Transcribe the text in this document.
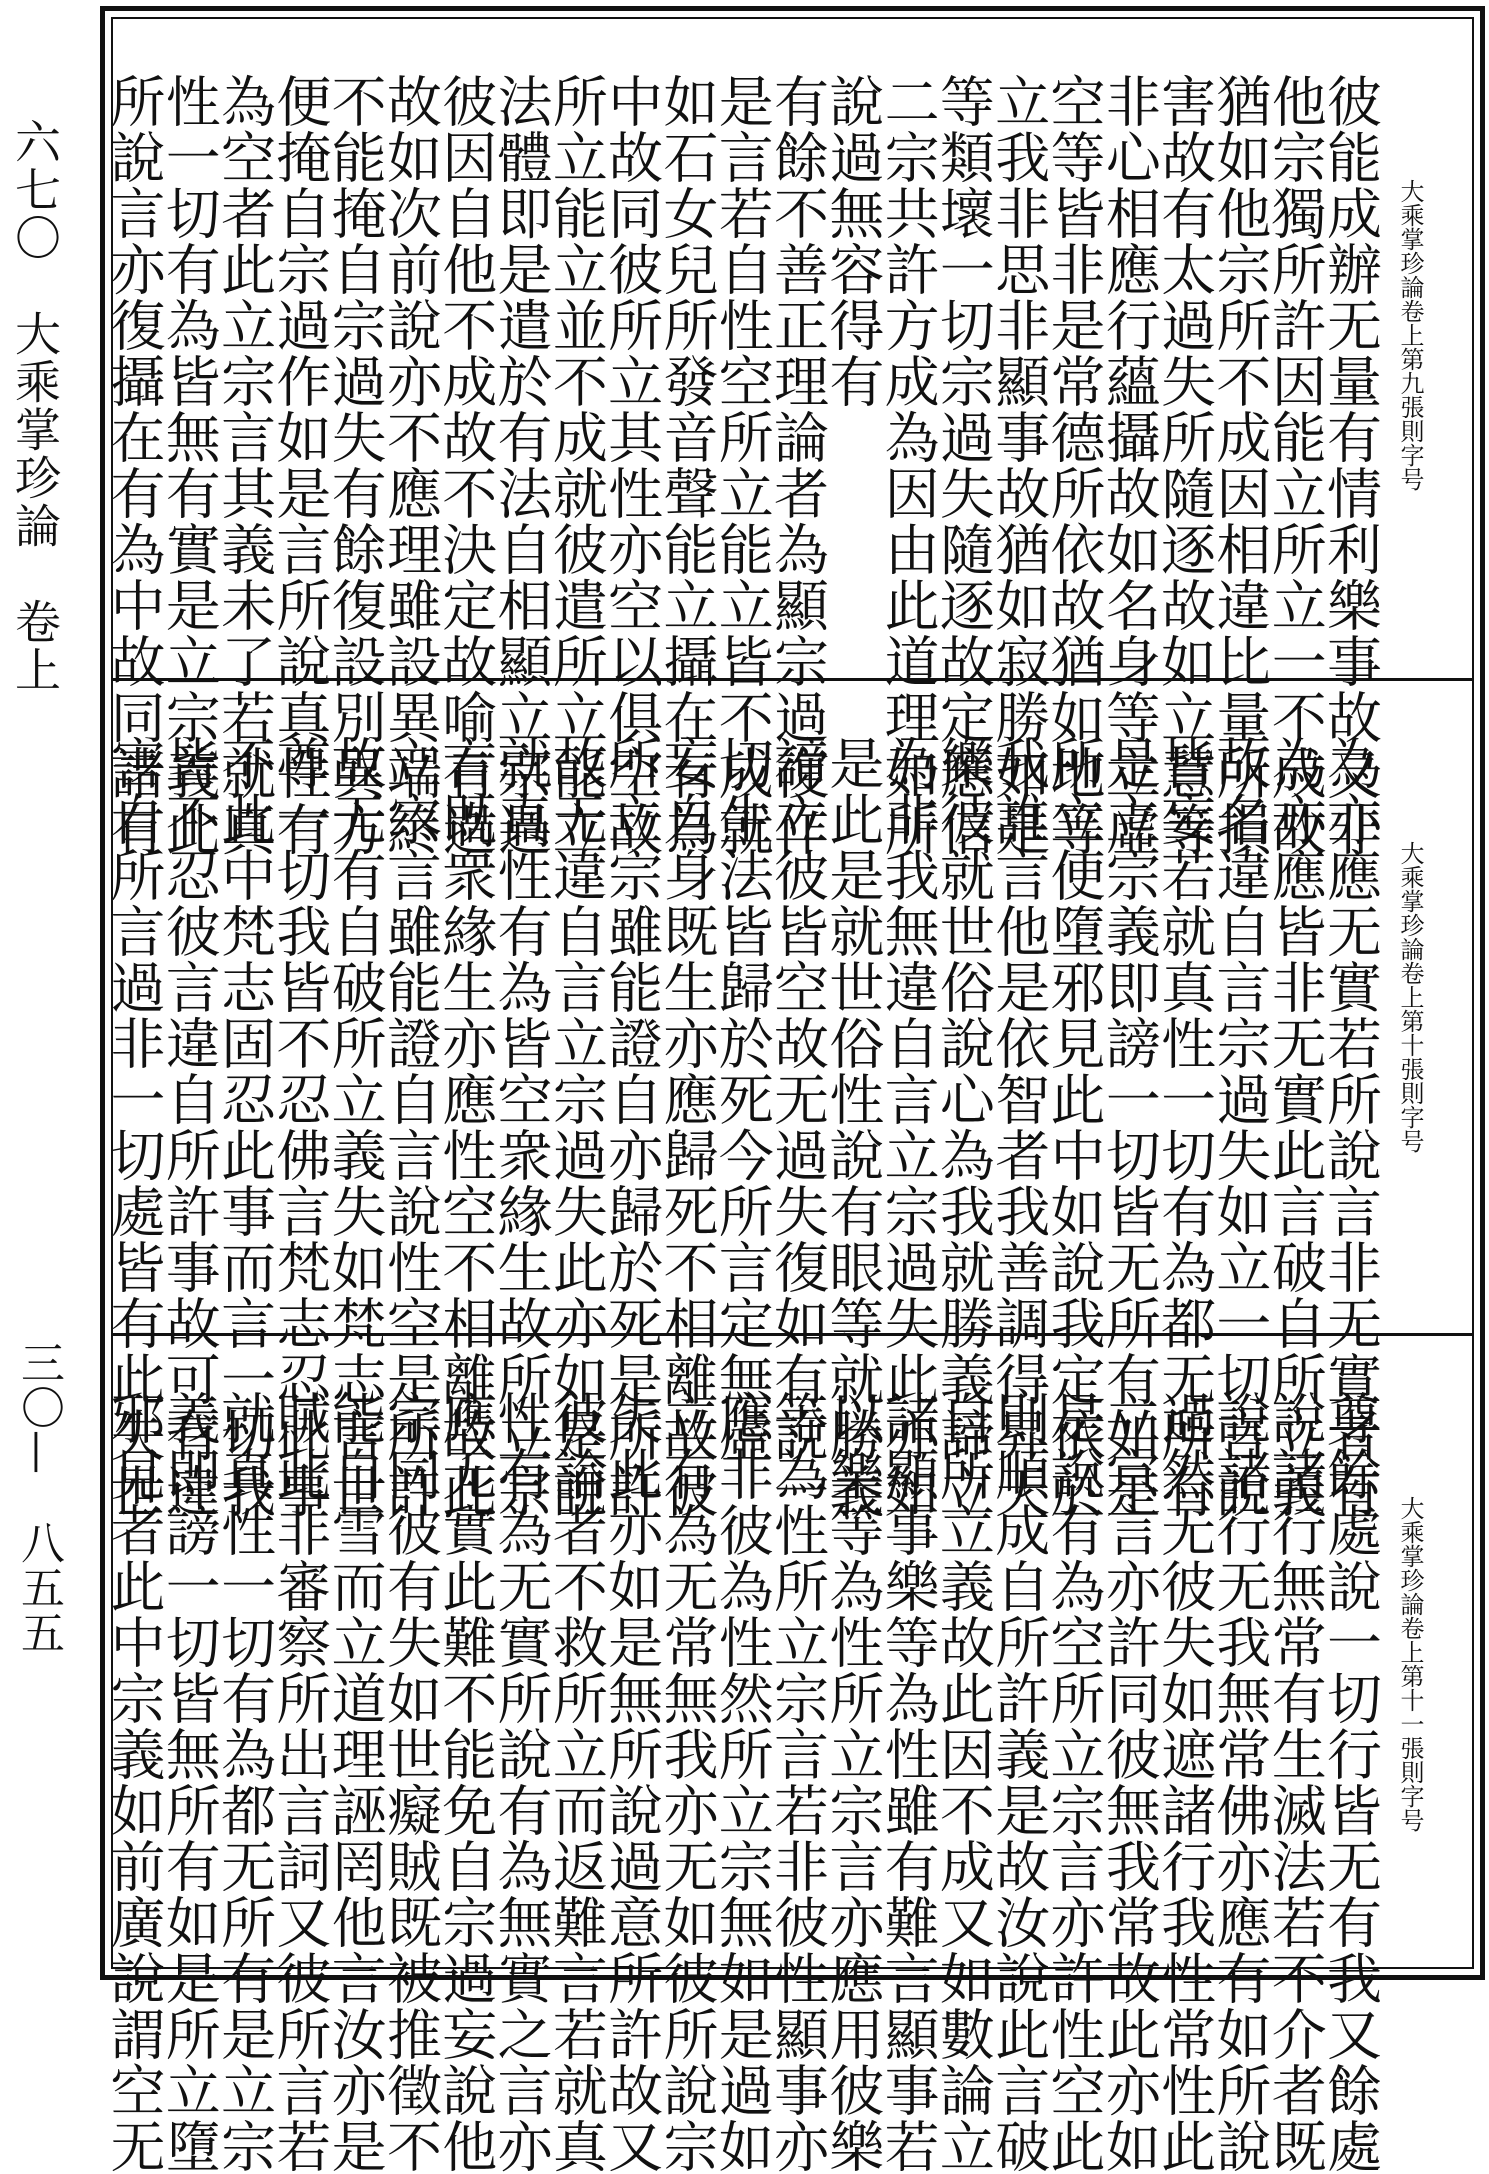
六七〇　大乘掌珍論　卷上
三〇—　八五五
彼能成辦无量有情利樂事故又非
他宗獨所許因能立所立一不成故
猶如他宗所不成因相違比量所損
害故有太過失所隨逐故如立慧等
非心相應行蘊攝故如名身等立虛
空等皆非是常德所依故猶如地等
立我非思非顯事故猶如寂勝如是
等類壞一切宗過失隨逐故定應信
二宗共許方成為因由此道理如所
說過無容得有
有餘不善正理論者為顯宗過復作
是言若自性空所立能立皆不成就
如石女兒所發音聲能立攝在有為
中故同彼所立其性亦空以俱空故
所立能立並不成就彼遣所立能立
法體即是遣於有法自相顯立宗過
彼因自他不成故不決定故喻有過
故如次前說亦不應理雖設異端終
不能掩自宗過失有餘復設別異方
便掩自宗過作如是言所說真性有
為空者此立宗言其義未了若就真
性一切有為皆無有實是立宗義此
所說言亦復攝在有為中故同諸有	大乘掌珍論卷上第九張則字号
為亦應无實若所說言非无實者有
為亦應皆非无實此言破自所立義
故名違自言宗過失如立一切言說
皆妄若就真性一切有為都无所有
是立宗義即謗一切皆无所有如是
所立便墮邪見此中如說我定依於
我誰言他是依智者我善調得昇天
樂彼就世俗說心為我就勝義諦立
為非我無違自言立宗過失此亦如
是此是就世俗性說有眼等就勝義
諦立彼皆空故无過失復如有說一
切生法皆歸於死今所言定無虛
妄自身既生亦應歸死不相離故彼
所立宗雖能證自亦歸於死是所許
故无違自言立宗過失此亦如是說
就真性有為皆空衆緣生故所立宗
言既衆緣生亦應性空不相離故此
立宗言雖能證自言說性空是所許
故无有自破所立義失如梵志言世
尊一切我皆不忍佛言梵志忍此事
不此中梵志固忍此事而言一切我
皆不忍彼言違自所許事故可有違
害自所言過非一切處皆有此失世	大乘掌珍論卷上第十張則字号
尊餘處說一切行皆无有我又餘處
說諸行無常有生滅法若不介者既
說諸行无我無常佛亦應有如所說
過然无彼失如遮諸行我性常性此
立宗言亦許同彼無我常故此亦如
是說有為空所立宗言亦許性空此
則順成自所許義是故汝說此言破
自所立義故此因不成又如數論立
諸顯事樂等為性雖有難言顯事若
以樂等為性所立宗言亦應用彼樂
等為性所立宗言若非彼性顯事亦
應非彼為性然所立宗無如是過如
立有為无常無我亦无如彼所說宗
失此亦如是無所說過意所許故又
彼論者不救所立而返難言若就真
性有為无實所說有為無實之言亦
應无實此難不能免自宗過妄說他
宗同彼有失如世癡賊既被推徵不
能自雪而立道理誣罔他言汝亦是
賊此非審察所出言詞又彼所言若
就真性一切有為都无所有是立宗
義即謗一切皆無所有如是所立墮
邪見者此中宗義如前廣說謂空无	大乘掌珍論卷上第十一張則字号
